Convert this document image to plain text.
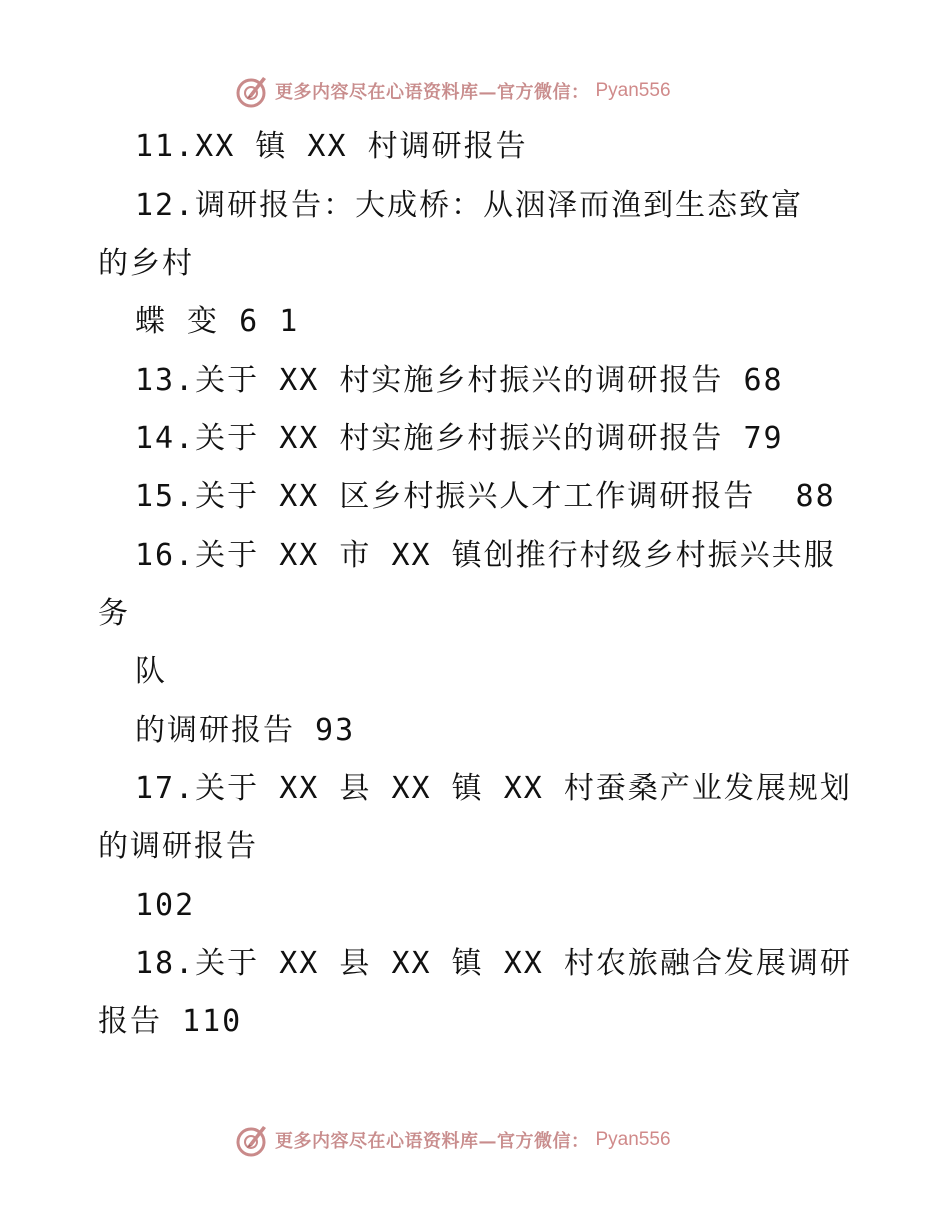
更多内容尽在心语资料库—官方微信： Pyan556
11.XX 镇 XX 村调研报告
12.调研报告：大成桥：从洇泽而渔到生态致富
的乡村
蝶 变 6 1
13.关于 XX 村实施乡村振兴的调研报告 68
14.关于 XX 村实施乡村振兴的调研报告 79
15.关于 XX 区乡村振兴人才工作调研报告  88
16.关于 XX 市 XX 镇创推行村级乡村振兴共服
务
队
的调研报告 93
17.关于 XX 县 XX 镇 XX 村蚕桑产业发展规划
的调研报告
102
18.关于 XX 县 XX 镇 XX 村农旅融合发展调研
报告 110
更多内容尽在心语资料库—官方微信： Pyan556
